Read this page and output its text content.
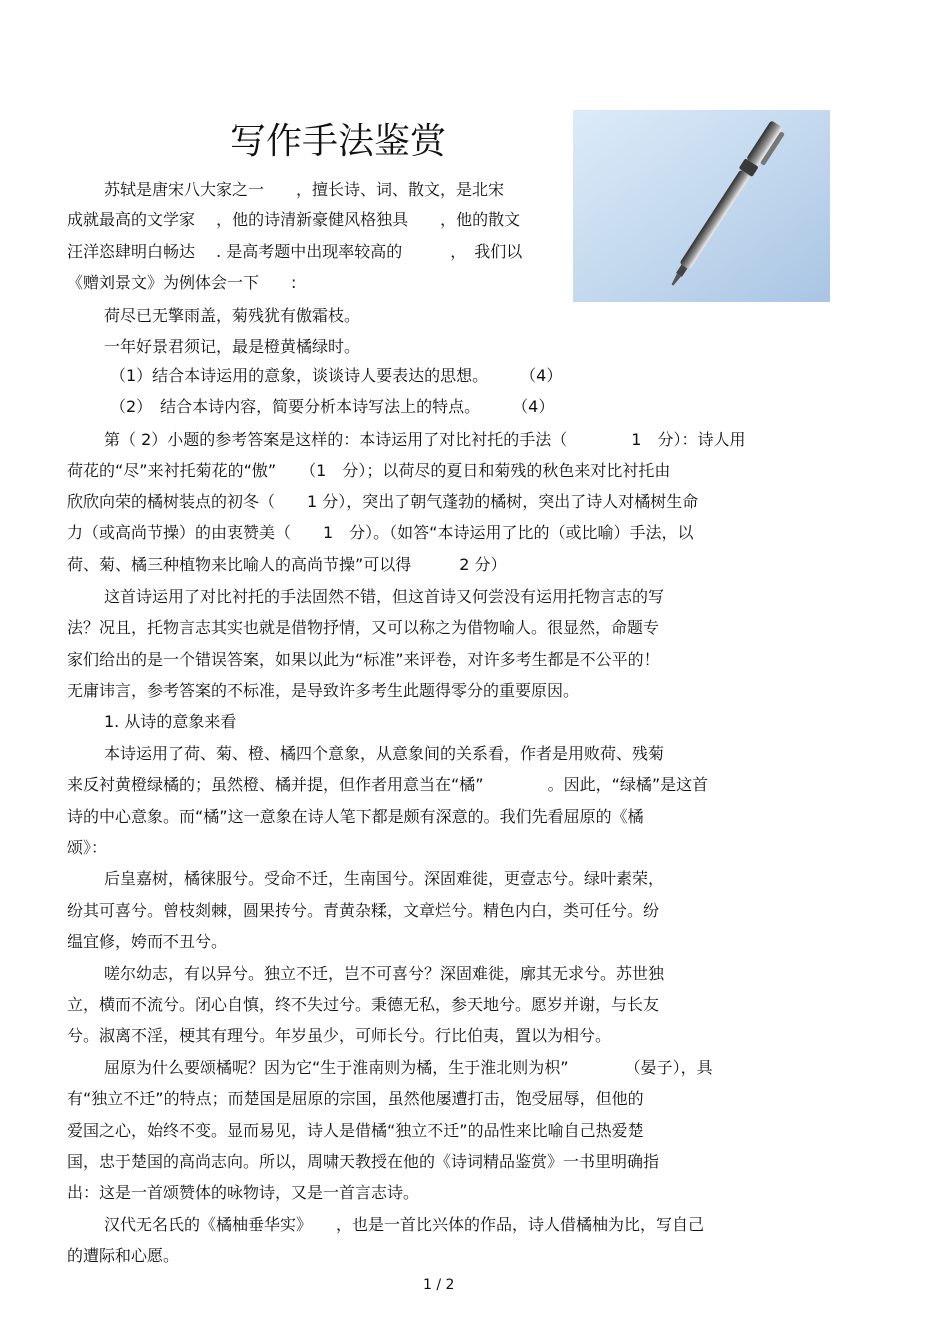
写作手法鉴赏
苏轼是唐宋八大家之一　　，擅长诗、词、散文，是北宋
成就最高的文学家　 ，他的诗清新豪健风格独具　　，他的散文
汪洋恣肆明白畅达　 . 是高考题中出现率较高的　　　，　我们以
《赠刘景文》为例体会一下　　:
荷尽已无擎雨盖，菊残犹有傲霜枝。
一年好景君须记，最是橙黄橘绿时。
（1）结合本诗运用的意象，谈谈诗人要表达的思想。　　　（4）
（2）　结合本诗内容，简要分析本诗写法上的特点。　　　（4）
第（ 2）小题的参考答案是这样的：本诗运用了对比衬托的手法（　　　　1　分）：诗人用
荷花的“尽”来衬托菊花的“傲”　　（1　分）；以荷尽的夏日和菊残的秋色来对比衬托由
欣欣向荣的橘树装点的初冬（　　1 分），突出了朝气蓬勃的橘树，突出了诗人对橘树生命
力（或高尚节操）的由衷赞美（　　1　分）。（如答“本诗运用了比的（或比喻）手法，以
荷、菊、橘三种植物来比喻人的高尚节操”可以得　　　2 分）
这首诗运用了对比衬托的手法固然不错，但这首诗又何尝没有运用托物言志的写
法？况且，托物言志其实也就是借物抒情，又可以称之为借物喻人。很显然，命题专
家们给出的是一个错误答案，如果以此为“标准”来评卷，对许多考生都是不公平的！
无庸讳言，参考答案的不标准，是导致许多考生此题得零分的重要原因。
1. 从诗的意象来看
本诗运用了荷、菊、橙、橘四个意象，从意象间的关系看，作者是用败荷、残菊
来反衬黄橙绿橘的；虽然橙、橘并提，但作者用意当在“橘”　　　　。因此，“绿橘”是这首
诗的中心意象。而“橘”这一意象在诗人笔下都是颇有深意的。我们先看屈原的《橘
颂》：
后皇嘉树，橘徕服兮。受命不迁，生南国兮。深固难徙，更壹志兮。绿叶素荣，
纷其可喜兮。曾枝剡棘，圆果抟兮。青黄杂糅，文章烂兮。精色内白，类可任兮。纷
缊宜修，姱而不丑兮。
嗟尔幼志，有以异兮。独立不迁，岂不可喜兮？深固难徙，廓其无求兮。苏世独
立，横而不流兮。闭心自慎，终不失过兮。秉德无私，参天地兮。愿岁并谢，与长友
兮。淑离不淫，梗其有理兮。年岁虽少，可师长兮。行比伯夷，置以为相兮。
屈原为什么要颂橘呢？因为它“生于淮南则为橘，生于淮北则为枳”　　　　（晏子），具
有“独立不迁”的特点；而楚国是屈原的宗国，虽然他屡遭打击，饱受屈辱，但他的
爱国之心，始终不变。显而易见，诗人是借橘“独立不迁”的品性来比喻自己热爱楚
国，忠于楚国的高尚志向。所以，周啸天教授在他的《诗词精品鉴赏》一书里明确指
出：这是一首颂赞体的咏物诗，又是一首言志诗。
汉代无名氏的《橘柚垂华实》　　，也是一首比兴体的作品，诗人借橘柚为比，写自己
的遭际和心愿。
1 / 2
